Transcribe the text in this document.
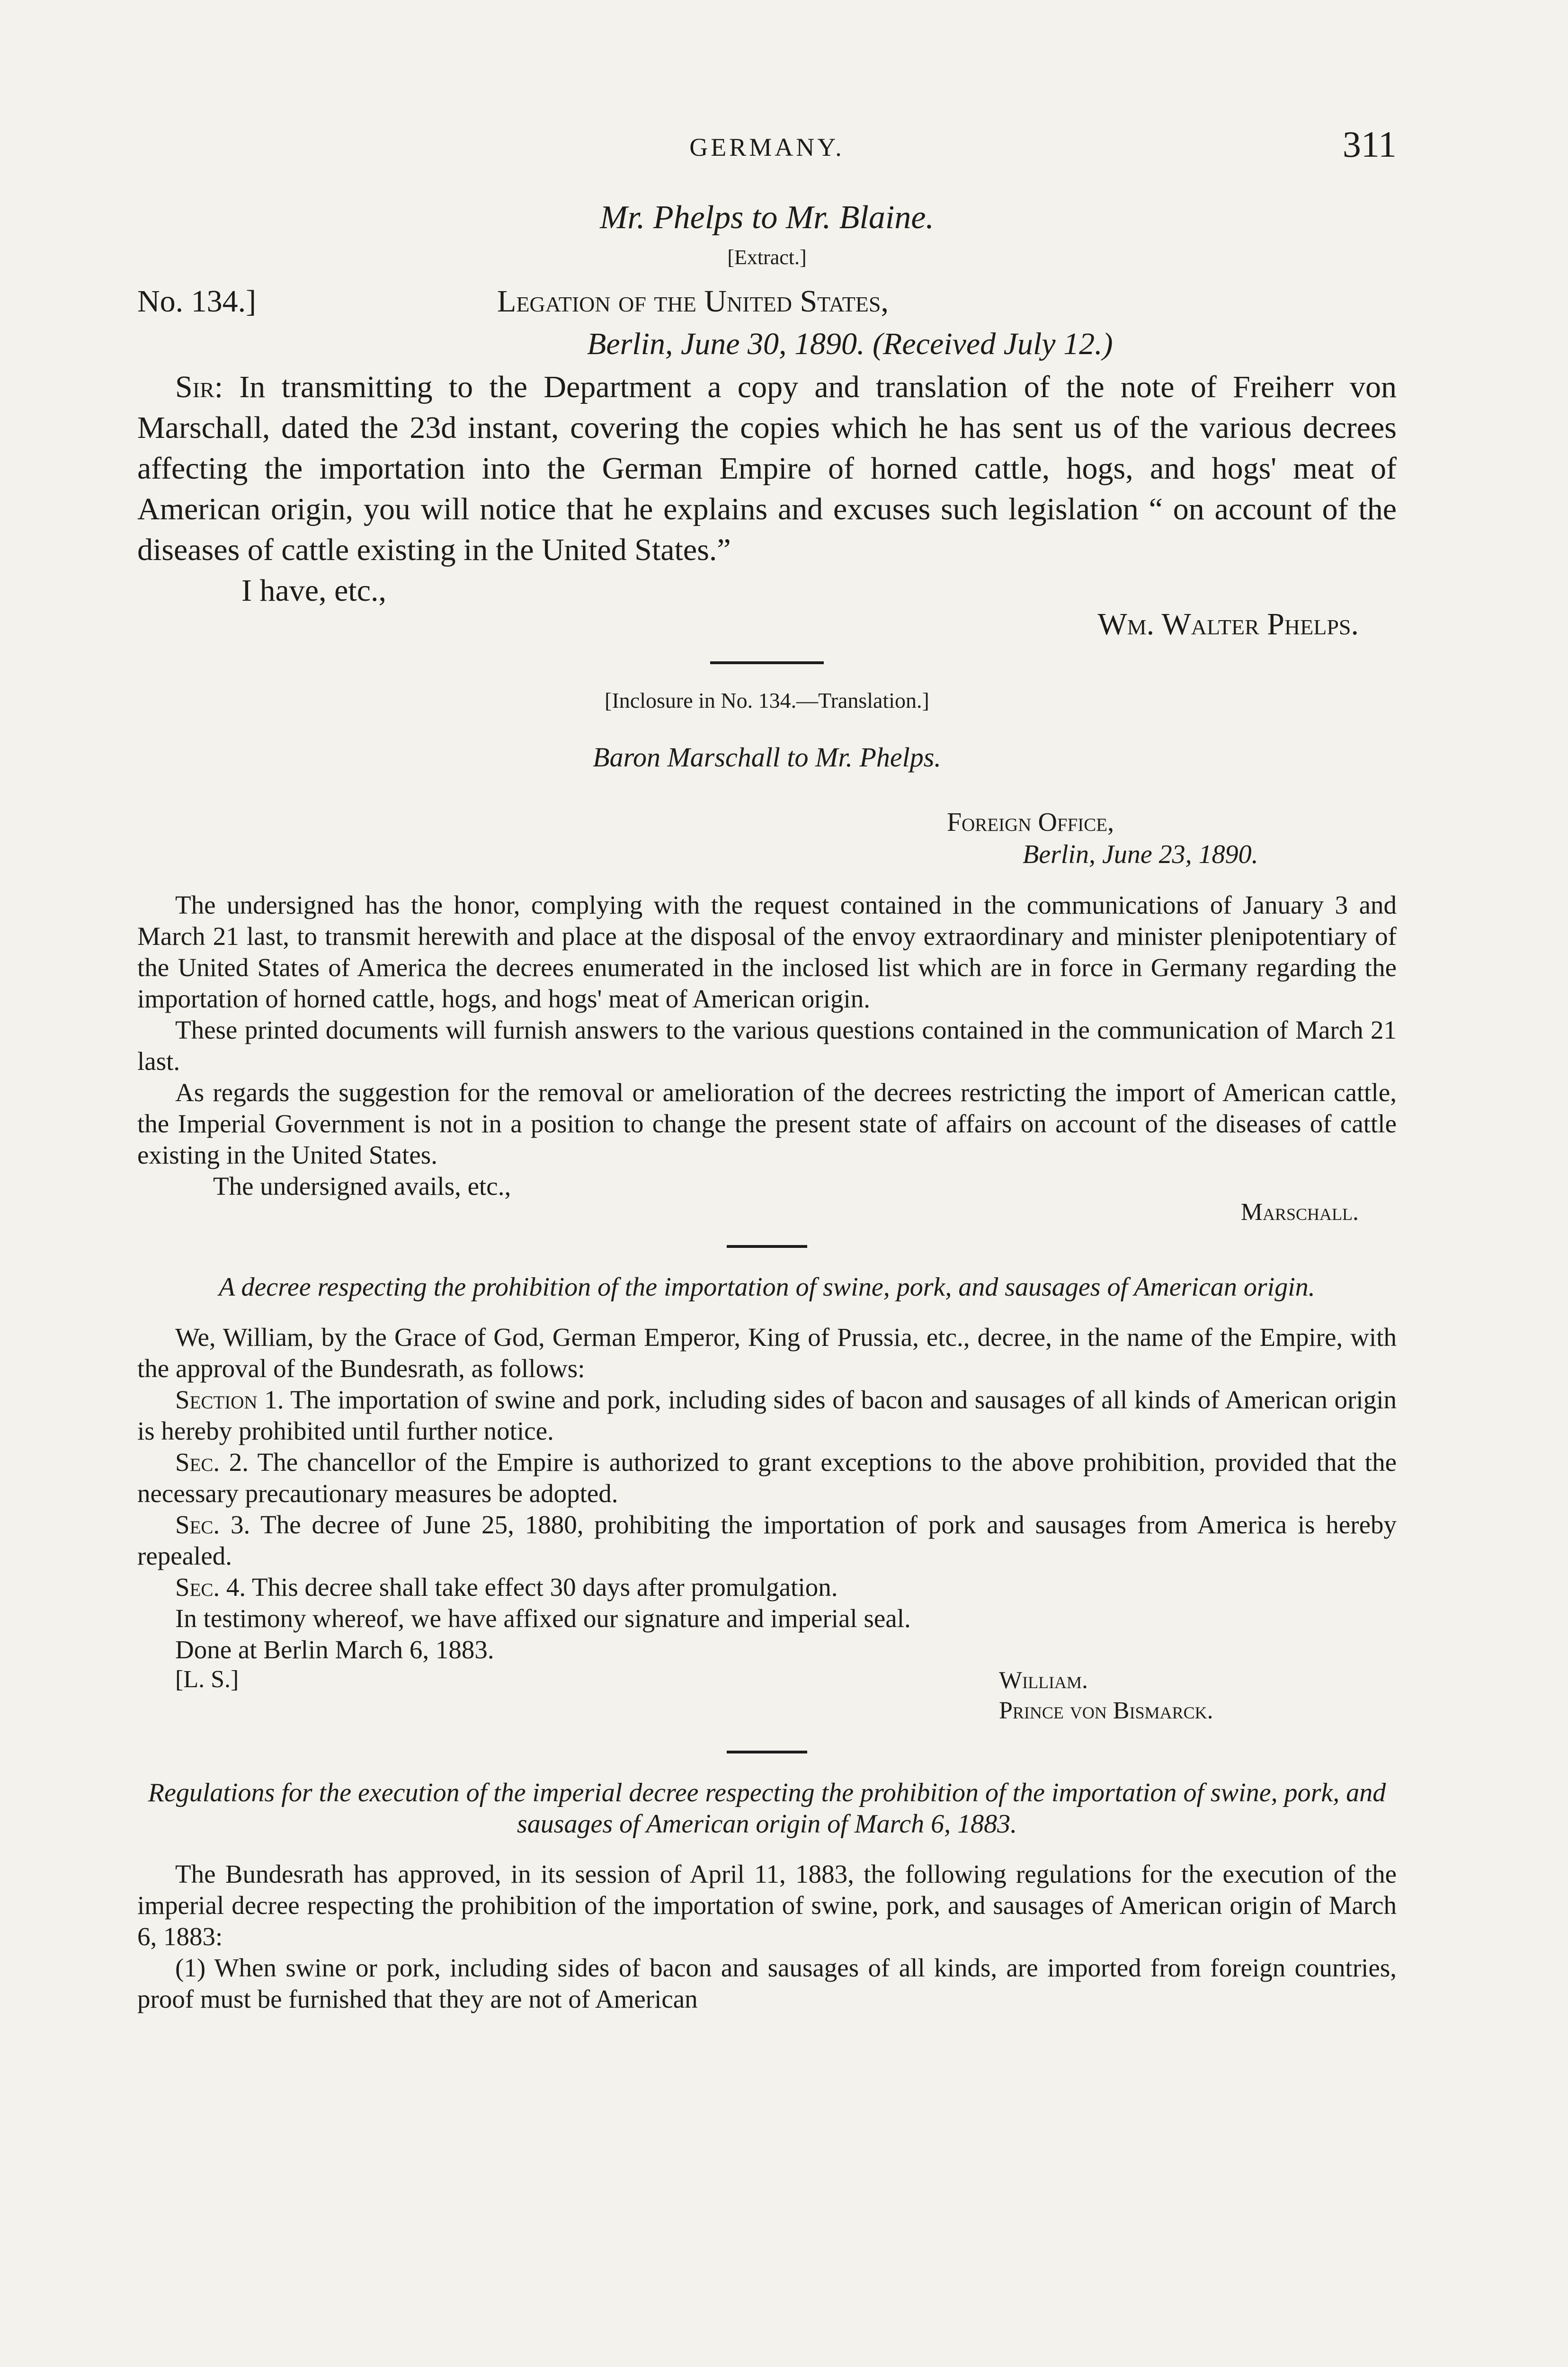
GERMANY.	311
Mr. Phelps to Mr. Blaine.
[Extract.]
No. 134.]	Legation of the United States,
Berlin, June 30, 1890. (Received July 12.)

Sir: In transmitting to the Department a copy and translation of the note of Freiherr von Marschall, dated the 23d instant, covering the copies which he has sent us of the various decrees affecting the importation into the German Empire of horned cattle, hogs, and hogs' meat of American origin, you will notice that he explains and excuses such legislation “ on account of the diseases of cattle existing in the United States.”

I have, etc.,
Wm. Walter Phelps.
[Inclosure in No. 134.—Translation.]
Baron Marschall to Mr. Phelps.
Foreign Office,
Berlin, June 23, 1890.

The undersigned has the honor, complying with the request contained in the communications of January 3 and March 21 last, to transmit herewith and place at the disposal of the envoy extraordinary and minister plenipotentiary of the United States of America the decrees enumerated in the inclosed list which are in force in Germany regarding the importation of horned cattle, hogs, and hogs' meat of American origin.

These printed documents will furnish answers to the various questions contained in the communication of March 21 last.

As regards the suggestion for the removal or amelioration of the decrees restricting the import of American cattle, the Imperial Government is not in a position to change the present state of affairs on account of the diseases of cattle existing in the United States.

The undersigned avails, etc.,
Marschall.
A decree respecting the prohibition of the importation of swine, pork, and sausages of American origin.

We, William, by the Grace of God, German Emperor, King of Prussia, etc., decree, in the name of the Empire, with the approval of the Bundesrath, as follows:

Section 1. The importation of swine and pork, including sides of bacon and sausages of all kinds of American origin is hereby prohibited until further notice.

Sec. 2. The chancellor of the Empire is authorized to grant exceptions to the above prohibition, provided that the necessary precautionary measures be adopted.

Sec. 3. The decree of June 25, 1880, prohibiting the importation of pork and sausages from America is hereby repealed.

Sec. 4. This decree shall take effect 30 days after promulgation.

In testimony whereof, we have affixed our signature and imperial seal.

Done at Berlin March 6, 1883.

[L. S.]	William.
Prince von Bismarck.
Regulations for the execution of the imperial decree respecting the prohibition of the importation of swine, pork, and sausages of American origin of March 6, 1883.

The Bundesrath has approved, in its session of April 11, 1883, the following regulations for the execution of the imperial decree respecting the prohibition of the importation of swine, pork, and sausages of American origin of March 6, 1883:

(1) When swine or pork, including sides of bacon and sausages of all kinds, are imported from foreign countries, proof must be furnished that they are not of American
